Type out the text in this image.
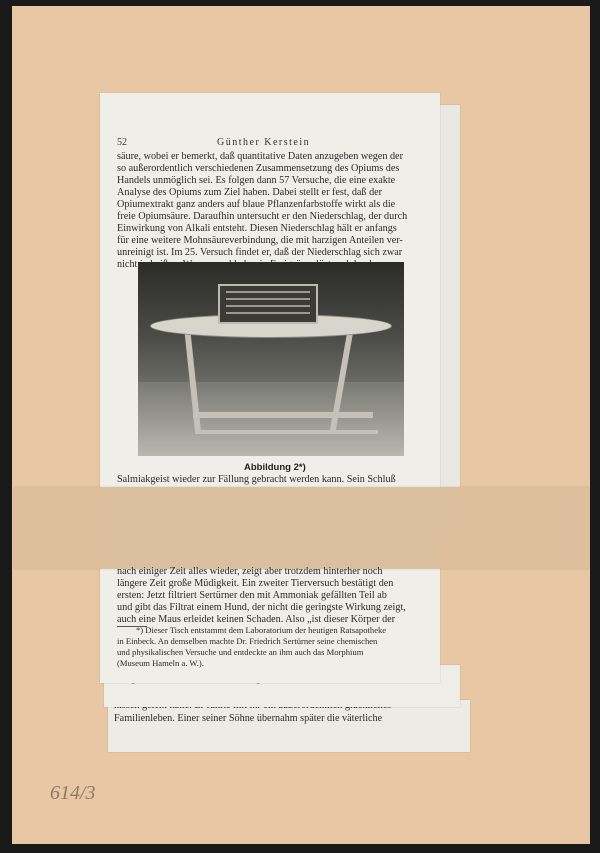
Familienleben. Einer seiner Söhne übernahm später die väterliche
52	Günther Kerstein
säure, wobei er bemerkt, daß quantitative Daten anzugeben wegen der
so außerordentlich verschiedenen Zusammensetzung des Opiums des
Handels unmöglich sei. Es folgen dann 57 Versuche, die eine exakte
Analyse des Opiums zum Ziel haben. Dabei stellt er fest, daß der
Opiumextrakt ganz anders auf blaue Pflanzenfarbstoffe wirkt als die
freie Opiumsäure. Daraufhin untersucht er den Niederschlag, der durch
Einwirkung von Alkali entsteht. Diesen Niederschlag hält er anfangs
für eine weitere Mohnsäureverbindung, die mit harzigen Anteilen ver-
unreinigt ist. Im 25. Versuch findet er, daß der Niederschlag sich zwar
Abbildung 2*)
Salmiakgeist wieder zur Fällung gebracht werden kann. Sein Schluß
nach einiger Zeit alles wieder, zeigt aber trotzdem hinterher noch
längere Zeit große Müdigkeit. Ein zweiter Tierversuch bestätigt den
ersten: Jetzt filtriert Sertürner den mit Ammoniak gefällten Teil ab
und gibt das Filtrat einem Hund, der nicht die geringste Wirkung zeigt,
auch eine Maus erleidet keinen Schaden. Also „ist dieser Körper der
*) Dieser Tisch entstammt dem Laboratorium der heutigen Ratsapotheke
in Einbeck. An demselben machte Dr. Friedrich Sertürner seine chemischen
und physikalischen Versuche und entdeckte an ihm auch das Morphium
(Museum Hameln a. W.).
614/3
